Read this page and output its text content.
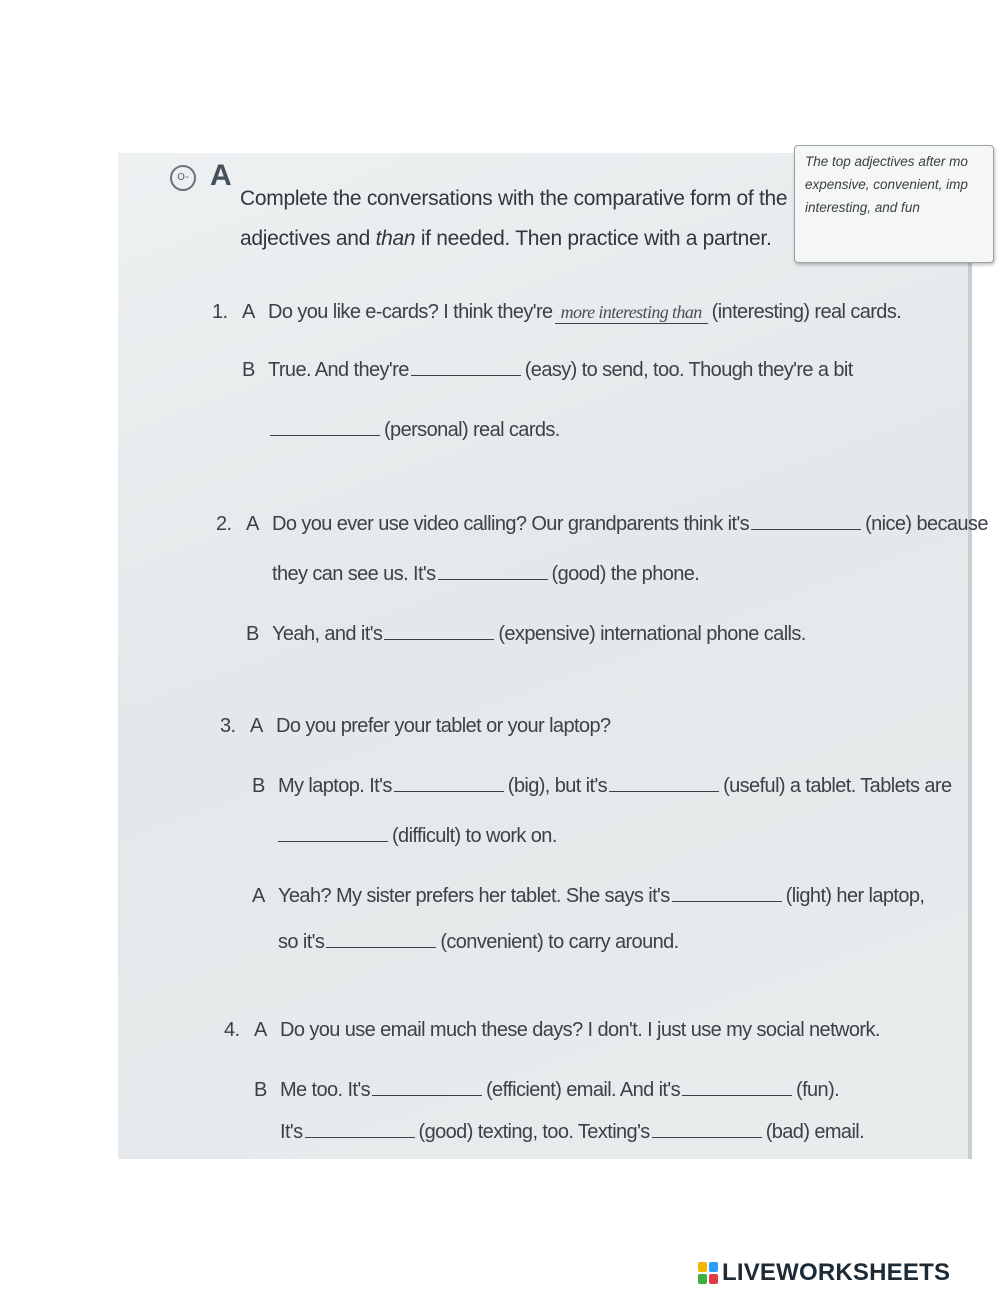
The top adjectives after mo
expensive, convenient, imp
interesting, and fun
O- A
Complete the conversations with the comparative form of the
adjectives and than if needed. Then practice with a partner.
1. A Do you like e-cards? I think they're more interesting than (interesting) real cards.
B True. And they're	(easy) to send, too. Though they're a bit
(personal) real cards.
2. A Do you ever use video calling? Our grandparents think it's	(nice) because
they can see us. It's	(good) the phone.
B Yeah, and it's	(expensive) international phone calls.
3. A Do you prefer your tablet or your laptop?
B My laptop. It's	(big), but it's	(useful) a tablet. Tablets are
(difficult) to work on.
A Yeah? My sister prefers her tablet. She says it's	(light) her laptop,
so it's	(convenient) to carry around.
4. A Do you use email much these days? I don't. I just use my social network.
B Me too. It's	(efficient) email. And it's	(fun).
It's	(good) texting, too. Texting's	(bad) email.
LIVEWORKSHEETS
